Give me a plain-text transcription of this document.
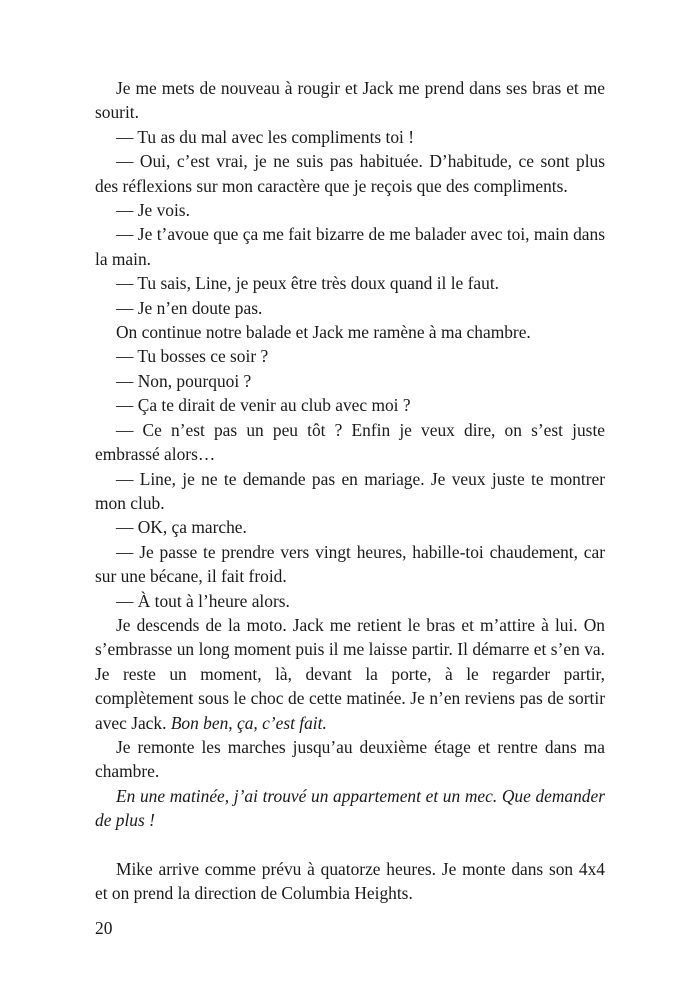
Je me mets de nouveau à rougir et Jack me prend dans ses bras et me sourit.

— Tu as du mal avec les compliments toi !

— Oui, c’est vrai, je ne suis pas habituée. D’habitude, ce sont plus des réflexions sur mon caractère que je reçois que des compliments.

— Je vois.

— Je t’avoue que ça me fait bizarre de me balader avec toi, main dans la main.

— Tu sais, Line, je peux être très doux quand il le faut.

— Je n’en doute pas.

On continue notre balade et Jack me ramène à ma chambre.

— Tu bosses ce soir ?

— Non, pourquoi ?

— Ça te dirait de venir au club avec moi ?

— Ce n’est pas un peu tôt ? Enfin je veux dire, on s’est juste embrassé alors…

— Line, je ne te demande pas en mariage. Je veux juste te montrer mon club.

— OK, ça marche.

— Je passe te prendre vers vingt heures, habille-toi chaudement, car sur une bécane, il fait froid.

— À tout à l’heure alors.

Je descends de la moto. Jack me retient le bras et m’attire à lui. On s’embrasse un long moment puis il me laisse partir. Il démarre et s’en va. Je reste un moment, là, devant la porte, à le regarder partir, complètement sous le choc de cette matinée. Je n’en reviens pas de sortir avec Jack. Bon ben, ça, c’est fait.

Je remonte les marches jusqu’au deuxième étage et rentre dans ma chambre.

En une matinée, j’ai trouvé un appartement et un mec. Que demander de plus !

Mike arrive comme prévu à quatorze heures. Je monte dans son 4x4 et on prend la direction de Columbia Heights.

20
